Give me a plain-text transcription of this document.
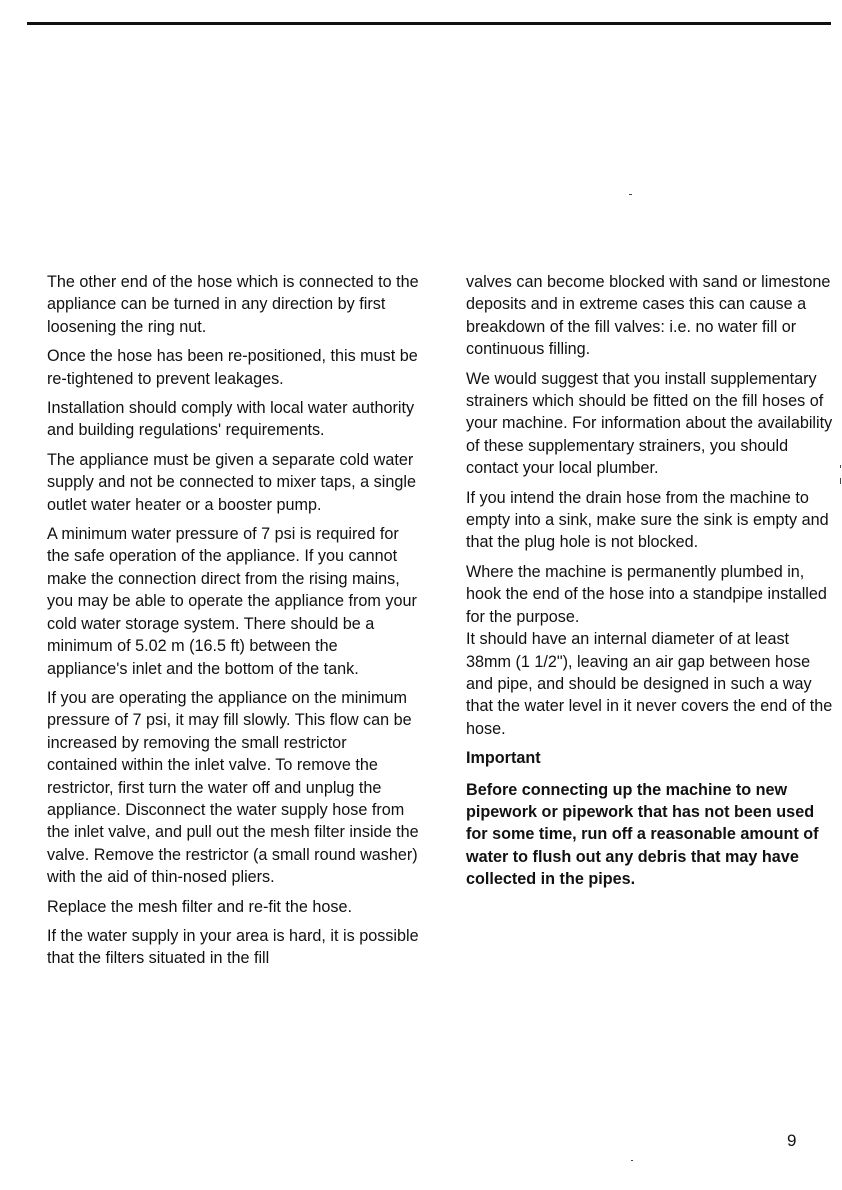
The other end of the hose which is connected to the appliance can be turned in any direction by first loosening the ring nut.

Once the hose has been re-positioned, this must be re-tightened to prevent leakages.

Installation should comply with local water authority and building regulations' requirements.

The appliance must be given a separate cold water supply and not be connected to mixer taps, a single outlet water heater or a booster pump.

A minimum water pressure of 7 psi is required for the safe operation of the appliance. If you cannot make the connection direct from the rising mains, you may be able to operate the appliance from your cold water storage system. There should be a minimum of 5.02 m (16.5 ft) between the appliance's inlet and the bottom of the tank.

If you are operating the appliance on the minimum pressure of 7 psi, it may fill slowly. This flow can be increased by removing the small restrictor contained within the inlet valve. To remove the restrictor, first turn the water off and unplug the appliance. Disconnect the water supply hose from the inlet valve, and pull out the mesh filter inside the valve. Remove the restrictor (a small round washer) with the aid of thin-nosed pliers.

Replace the mesh filter and re-fit the hose.

If the water supply in your area is hard, it is possible that the filters situated in the fill

valves can become blocked with sand or limestone deposits and in extreme cases this can cause a breakdown of the fill valves: i.e. no water fill or continuous filling.

We would suggest that you install supplementary strainers which should be fitted on the fill hoses of your machine. For information about the availability of these supplementary strainers, you should contact your local plumber.

If you intend the drain hose from the machine to empty into a sink, make sure the sink is empty and that the plug hole is not blocked.

Where the machine is permanently plumbed in, hook the end of the hose into a standpipe installed for the purpose.

It should have an internal diameter of at least 38mm (1 1/2"), leaving an air gap between hose and pipe, and should be designed in such a way that the water level in it never covers the end of the hose.

Important

Before connecting up the machine to new pipework or pipework that has not been used for some time, run off a reasonable amount of water to flush out any debris that may have collected in the pipes.

9
